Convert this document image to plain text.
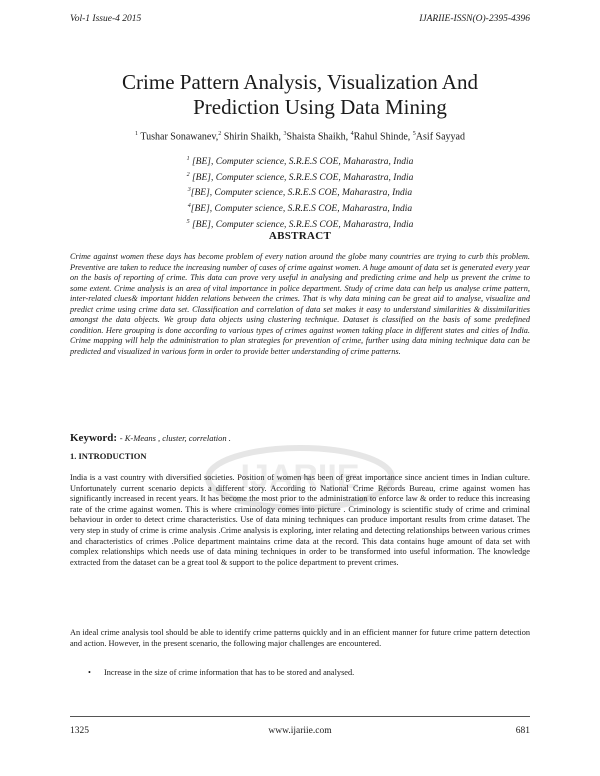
Vol-1 Issue-4 2015	IJARIIE-ISSN(O)-2395-4396
IJARIIE
Crime Pattern Analysis, Visualization And
Prediction Using Data Mining
$^1$ Tushar Sonawanev,$^2$ Shirin Shaikh, $^3$Shaista Shaikh, $^4$Rahul Shinde, $^5$Asif Sayyad
$^1$ [BE], Computer science, S.R.E.S COE, Maharastra, India
$^2$ [BE], Computer science, S.R.E.S COE, Maharastra, India
$^3$[BE], Computer science, S.R.E.S COE, Maharastra, India
$^4$[BE], Computer science, S.R.E.S COE, Maharastra, India
$^5$ [BE], Computer science, S.R.E.S COE, Maharastra, India
ABSTRACT

Crime against women these days has become problem of every nation around the globe many countries are trying to curb this problem. Preventive are taken to reduce the increasing number of cases of crime against women. A huge amount of data set is generated every year on the basis of reporting of crime. This data can prove very useful in analysing and predicting crime and help us prevent the crime to some extent. Crime analysis is an area of vital importance in police department. Study of crime data can help us analyse crime pattern, inter-related clues& important hidden relations between the crimes. That is why data mining can be great aid to analyse, visualize and predict crime using crime data set. Classification and correlation of data set makes it easy to understand similarities & dissimilarities amongst the data objects. We group data objects using clustering technique. Dataset is classified on the basis of some predefined condition. Here grouping is done according to various types of crimes against women taking place in different states and cities of India. Crime mapping will help the administration to plan strategies for prevention of crime, further using data mining technique data can be predicted and visualized in various form in order to provide better understanding of crime patterns.

Keyword: - K-Means , cluster, correlation .
1. INTRODUCTION

India is a vast country with diversified societies. Position of women has been of great importance since ancient times in Indian culture. Unfortunately current scenario depicts a different story. According to National Crime Records Bureau, crime against women has significantly increased in recent years. It has become the most prior to the administration to enforce law & order to reduce this increasing rate of the crime against women. This is where criminology comes into picture . Criminology is scientific study of crime and criminal behaviour in order to detect crime characteristics. Use of data mining techniques can produce important results from crime dataset. The very step in study of crime is crime analysis .Crime analysis is exploring, inter relating and detecting relationships between various crimes and characteristics of crimes .Police department maintains crime data at the record. This data contains huge amount of data set with complex relationships which needs use of data mining techniques in order to be transformed into useful information. The knowledge extracted from the dataset can be a great tool & support to the police department to prevent crimes.

An ideal crime analysis tool should be able to identify crime patterns quickly and in an efficient manner for future crime pattern detection and action. However, in the present scenario, the following major challenges are encountered.

• Increase in the size of crime information that has to be stored and analysed.
1325	www.ijariie.com	681
